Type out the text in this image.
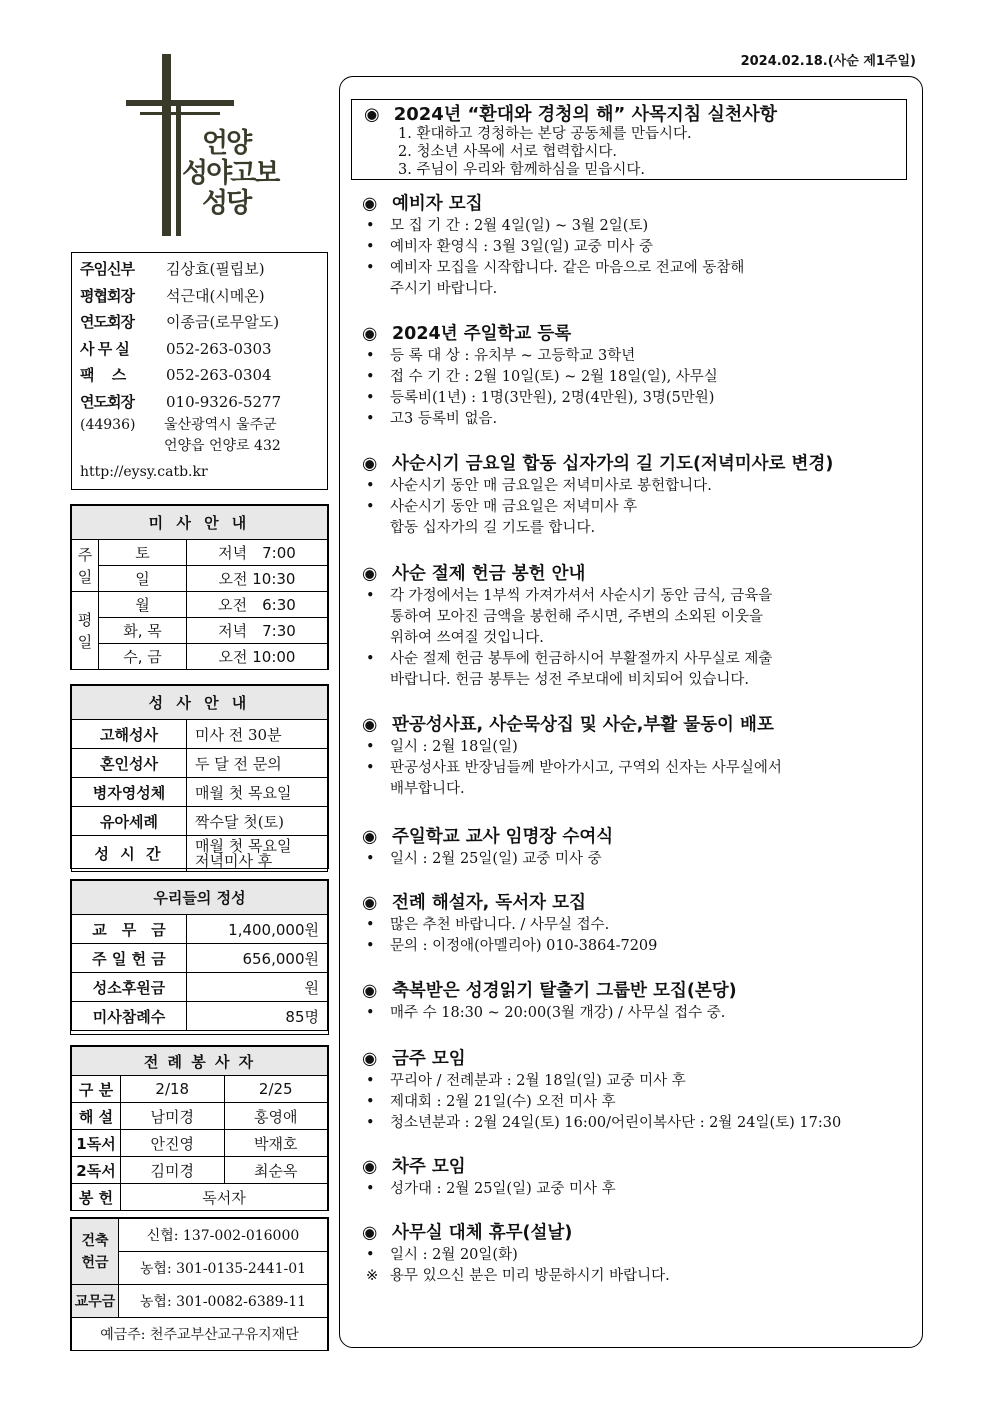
2024.02.18.(사순 제1주일)
언양
성야고보
성당
주임신부	김상효(필립보)
평협회장	석근대(시메온)
연도회장	이종금(로무알도)
사 무 실	052-263-0303
팩　 스	052-263-0304
연도회장	010-9326-5277
(44936)	울산광역시 울주군
언양읍 언양로 432
http://eysy.catb.kr
미 사 안 내		
주일	토	저녁　7:00
	일	오전 10:30
평일	월	오전　6:30
	화, 목	저녁　7:30
	수, 금	오전 10:00
성 사 안 내	
고해성사	미사 전 30분
혼인성사	두 달 전 문의
병자영성체	매월 첫 목요일
유아세례	짝수달 첫(토)
성 시 간	매월 첫 목요일
저녁미사 후
우리들의 정성	
교　무　금	1,400,000원
주 일 헌 금	656,000원
성소후원금	원
미사참례수	85명
전 례 봉 사 자		
구 분	2/18	2/25
해 설	남미경	홍영애
1독서	안진영	박재호
2독서	김미경	최순옥
봉 헌	독서자	
건축헌금	신협: 137-002-016000
	농협: 301-0135-2441-01
교무금	농협: 301-0082-6389-11
예금주: 천주교부산교구유지재단	
◉ 2024년 “환대와 경청의 해” 사목지침 실천사항
1. 환대하고 경청하는 본당 공동체를 만듭시다.
2. 청소년 사목에 서로 협력합시다.
3. 주님이 우리와 함께하심을 믿읍시다.
◉ 예비자 모집
• 모 집 기 간 : 2월 4일(일) ~ 3월 2일(토)
• 예비자 환영식 : 3월 3일(일) 교중 미사 중
• 예비자 모집을 시작합니다. 같은 마음으로 전교에 동참해
주시기 바랍니다.
◉ 2024년 주일학교 등록
• 등 록 대 상 : 유치부 ~ 고등학교 3학년
• 접 수 기 간 : 2월 10일(토) ~ 2월 18일(일), 사무실
• 등록비(1년) : 1명(3만원), 2명(4만원), 3명(5만원)
• 고3 등록비 없음.
◉ 사순시기 금요일 합동 십자가의 길 기도(저녁미사로 변경)
• 사순시기 동안 매 금요일은 저녁미사로 봉헌합니다.
• 사순시기 동안 매 금요일은 저녁미사 후
합동 십자가의 길 기도를 합니다.
◉ 사순 절제 헌금 봉헌 안내
• 각 가정에서는 1부씩 가져가셔서 사순시기 동안 금식, 금육을
통하여 모아진 금액을 봉헌해 주시면, 주변의 소외된 이웃을
위하여 쓰여질 것입니다.
• 사순 절제 헌금 봉투에 헌금하시어 부활절까지 사무실로 제출
바랍니다. 헌금 봉투는 성전 주보대에 비치되어 있습니다.
◉ 판공성사표, 사순묵상집 및 사순,부활 물동이 배포
• 일시 : 2월 18일(일)
• 판공성사표 반장님들께 받아가시고, 구역외 신자는 사무실에서
배부합니다.
◉ 주일학교 교사 임명장 수여식
• 일시 : 2월 25일(일) 교중 미사 중
◉ 전례 해설자, 독서자 모집
• 많은 추천 바랍니다. / 사무실 접수.
• 문의 : 이정애(아멜리아) 010-3864-7209
◉ 축복받은 성경읽기 탈출기 그룹반 모집(본당)
• 매주 수 18:30 ~ 20:00(3월 개강) / 사무실 접수 중.
◉ 금주 모임
• 꾸리아 / 전례분과 : 2월 18일(일) 교중 미사 후
• 제대회 : 2월 21일(수) 오전 미사 후
• 청소년분과 : 2월 24일(토) 16:00/어린이복사단 : 2월 24일(토) 17:30
◉ 차주 모임
• 성가대 : 2월 25일(일) 교중 미사 후
◉ 사무실 대체 휴무(설날)
• 일시 : 2월 20일(화)
※ 용무 있으신 분은 미리 방문하시기 바랍니다.
